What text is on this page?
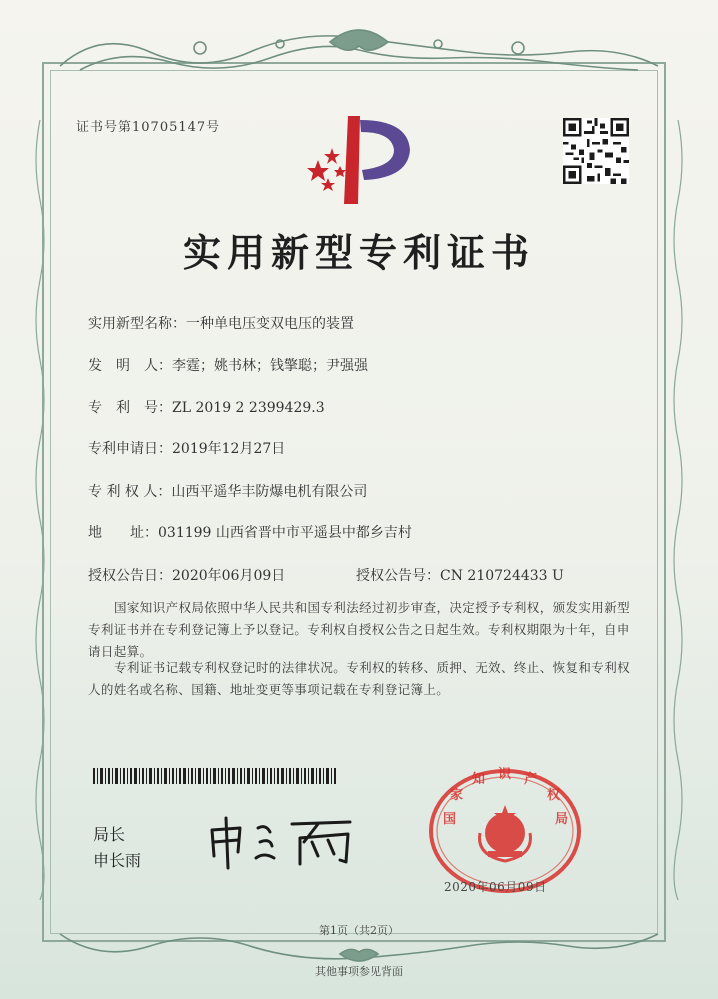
证书号第10705147号
实用新型专利证书
实用新型名称：一种单电压变双电压的装置
发　明　人：李霆；姚书林；钱擎聪；尹强强
专　利　号：ZL 2019 2 2399429.3
专利申请日：2019年12月27日
专 利 权 人：山西平遥华丰防爆电机有限公司
地　　址：031199 山西省晋中市平遥县中都乡吉村
授权公告日：2020年06月09日	授权公告号：CN 210724433 U
国家知识产权局依照中华人民共和国专利法经过初步审查，决定授予专利权，颁发实用新型专利证书并在专利登记簿上予以登记。专利权自授权公告之日起生效。专利权期限为十年，自申请日起算。
专利证书记载专利权登记时的法律状况。专利权的转移、质押、无效、终止、恢复和专利权人的姓名或名称、国籍、地址变更等事项记载在专利登记簿上。
局长
申长雨
国
家
知 识 产
权
局
2020年06月09日
第1页（共2页）
其他事项参见背面
